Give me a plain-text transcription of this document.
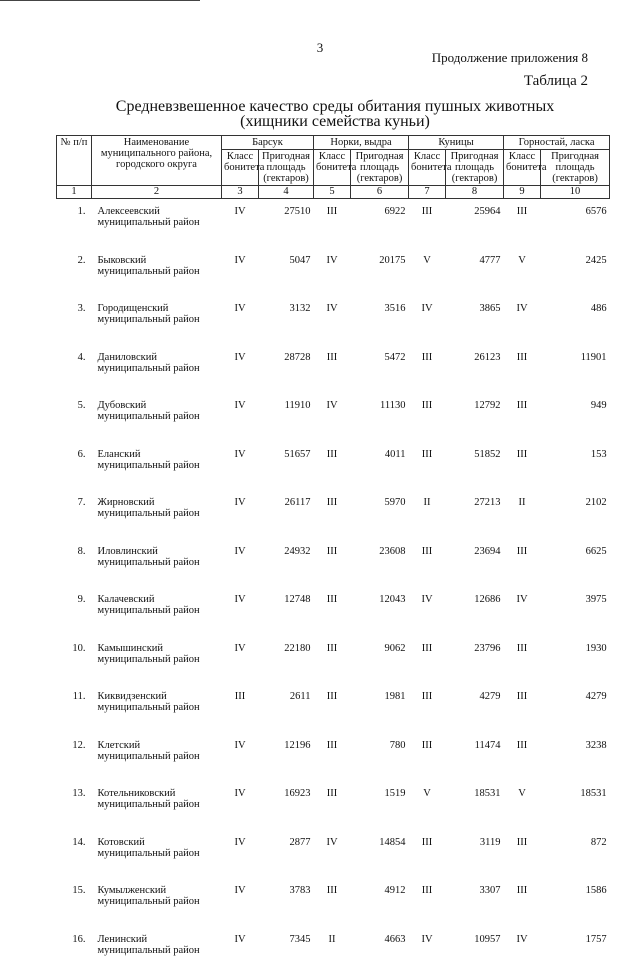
3
Продолжение приложения 8
Таблица 2
Средневзвешенное качество среды обитания пушных животных
(хищники семейства куньи)
№ п/п	Наименование муниципального района, городского округа	Барсук		Норки, выдра		Куницы		Горностай, ласка	
		Класс бонитета	Пригодная площадь (гектаров)	Класс бонитета	Пригодная площадь (гектаров)	Класс бонитета	Пригодная площадь (гектаров)	Класс бонитета	Пригодная площадь (гектаров)
1	2	3	4	5	6	7	8	9	10
1.	Алексеевский муниципальный район	IV	27510	III	6922	III	25964	III	6576
2.	Быковский муниципальный район	IV	5047	IV	20175	V	4777	V	2425
3.	Городищенский муниципальный район	IV	3132	IV	3516	IV	3865	IV	486
4.	Даниловский муниципальный район	IV	28728	III	5472	III	26123	III	11901
5.	Дубовский муниципальный район	IV	11910	IV	11130	III	12792	III	949
6.	Еланский муниципальный район	IV	51657	III	4011	III	51852	III	153
7.	Жирновский муниципальный район	IV	26117	III	5970	II	27213	II	2102
8.	Иловлинский муниципальный район	IV	24932	III	23608	III	23694	III	6625
9.	Калачевский муниципальный район	IV	12748	III	12043	IV	12686	IV	3975
10.	Камышинский муниципальный район	IV	22180	III	9062	III	23796	III	1930
11.	Киквидзенский муниципальный район	III	2611	III	1981	III	4279	III	4279
12.	Клетский муниципальный район	IV	12196	III	780	III	11474	III	3238
13.	Котельниковский муниципальный район	IV	16923	III	1519	V	18531	V	18531
14.	Котовский муниципальный район	IV	2877	IV	14854	III	3119	III	872
15.	Кумылженский муниципальный район	IV	3783	III	4912	III	3307	III	1586
16.	Ленинский муниципальный район	IV	7345	II	4663	IV	10957	IV	1757
